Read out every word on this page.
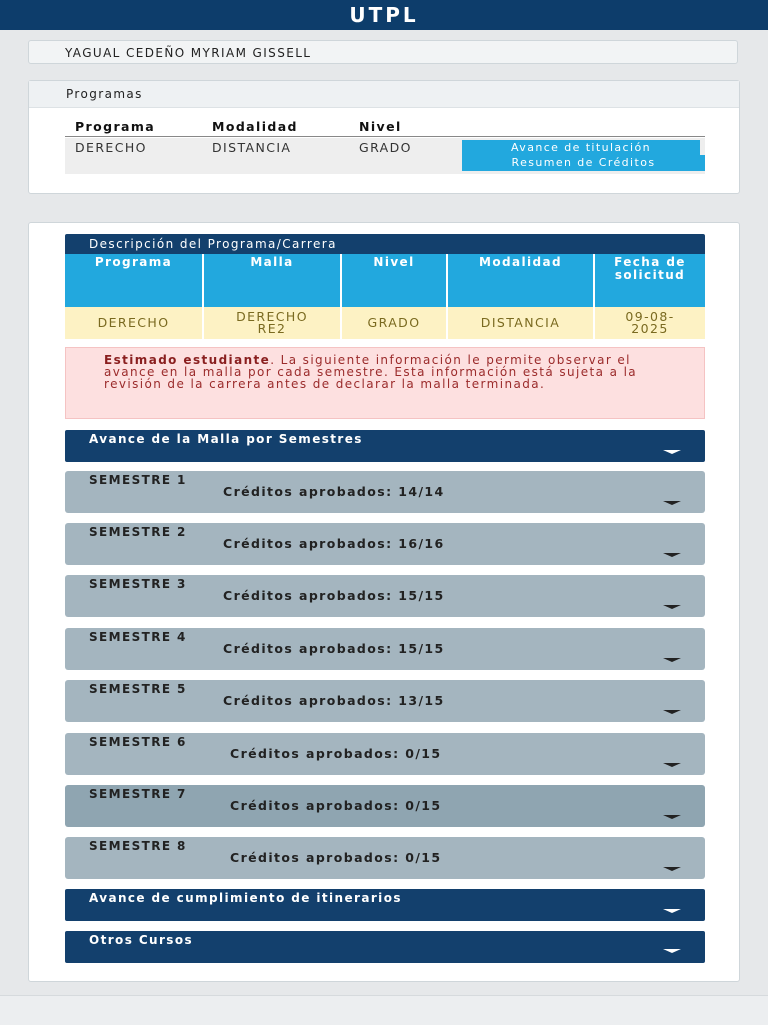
UTPL
YAGUAL CEDEÑO MYRIAM GISSELL
Programas
Programa	Modalidad	Nivel
DERECHO	DISTANCIA	GRADO	Avance de titulación
Resumen de Créditos
Descripción del Programa/Carrera
Programa	Malla	Nivel	Modalidad	Fecha de solicitud
DERECHO	DERECHO RE2	GRADO	DISTANCIA	09-08-2025
Estimado estudiante. La siguiente información le permite observar el avance en la malla por cada semestre. Esta información está sujeta a la revisión de la carrera antes de declarar la malla terminada.
Avance de la Malla por Semestres
SEMESTRE 1
Créditos aprobados: 14/14
SEMESTRE 2
Créditos aprobados: 16/16
SEMESTRE 3
Créditos aprobados: 15/15
SEMESTRE 4
Créditos aprobados: 15/15
SEMESTRE 5
Créditos aprobados: 13/15
SEMESTRE 6
Créditos aprobados: 0/15
SEMESTRE 7
Créditos aprobados: 0/15
SEMESTRE 8
Créditos aprobados: 0/15
Avance de cumplimiento de itinerarios
Otros Cursos
